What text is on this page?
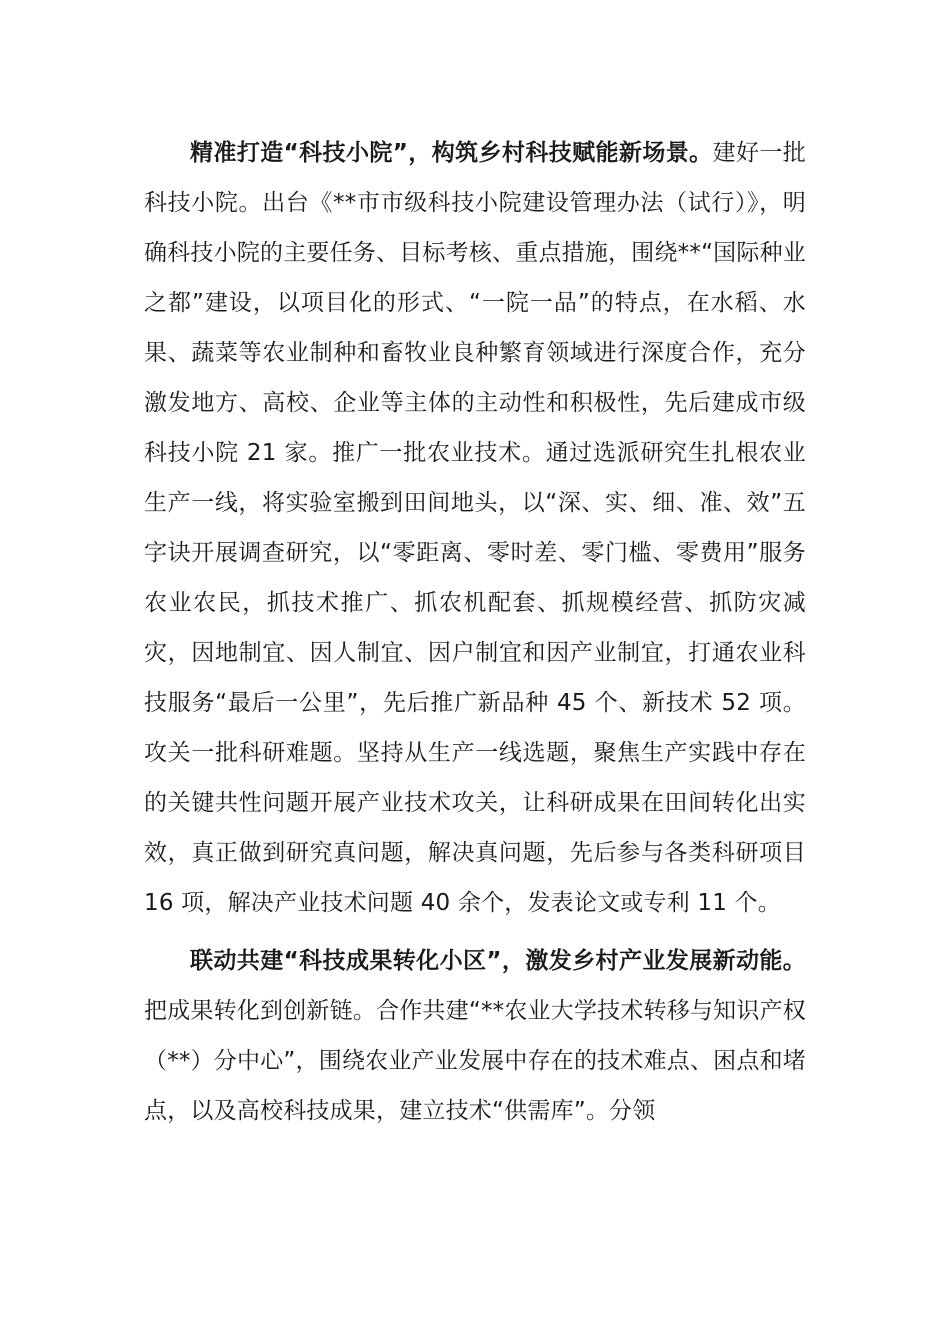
精准打造“科技小院”，构筑乡村科技赋能新场景。建好一批科技小院。出台《**市市级科技小院建设管理办法（试行）》，明确科技小院的主要任务、目标考核、重点措施，围绕**“国际种业之都”建设，以项目化的形式、“一院一品”的特点，在水稻、水果、蔬菜等农业制种和畜牧业良种繁育领域进行深度合作，充分激发地方、高校、企业等主体的主动性和积极性，先后建成市级科技小院 21 家。推广一批农业技术。通过选派研究生扎根农业生产一线，将实验室搬到田间地头，以“深、实、细、准、效”五字诀开展调查研究，以“零距离、零时差、零门槛、零费用”服务农业农民，抓技术推广、抓农机配套、抓规模经营、抓防灾减灾，因地制宜、因人制宜、因户制宜和因产业制宜，打通农业科技服务“最后一公里”，先后推广新品种 45 个、新技术 52 项。攻关一批科研难题。坚持从生产一线选题，聚焦生产实践中存在的关键共性问题开展产业技术攻关，让科研成果在田间转化出实效，真正做到研究真问题，解决真问题，先后参与各类科研项目 16 项，解决产业技术问题 40 余个，发表论文或专利 11 个。

联动共建“科技成果转化小区”，激发乡村产业发展新动能。把成果转化到创新链。合作共建“**农业大学技术转移与知识产权（**）分中心”，围绕农业产业发展中存在的技术难点、困点和堵点，以及高校科技成果，建立技术“供需库”。分领
